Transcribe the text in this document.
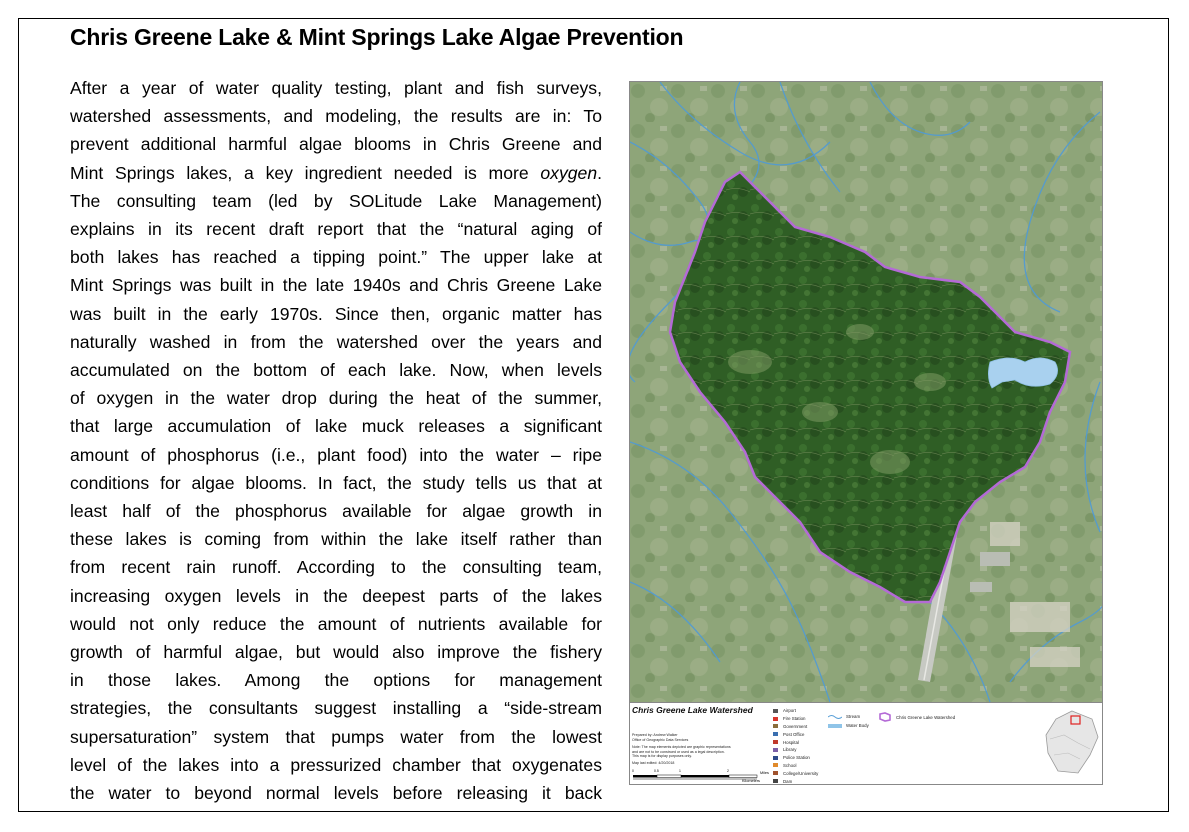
Chris Greene Lake & Mint Springs Lake Algae Prevention
After a year of water quality testing, plant and fish surveys,
watershed assessments, and modeling, the results are in: To
prevent additional harmful algae blooms in Chris Greene and
Mint Springs lakes, a key ingredient needed is more oxygen.
The consulting team (led by SOLitude Lake Management)
explains in its recent draft report that the “natural aging of
both lakes has reached a tipping point.” The upper lake at
Mint Springs was built in the late 1940s and Chris Greene Lake
was built in the early 1970s. Since then, organic matter has
naturally washed in from the watershed over the years and
accumulated on the bottom of each lake. Now, when levels
of oxygen in the water drop during the heat of the summer,
that large accumulation of lake muck releases a significant
amount of phosphorus (i.e., plant food) into the water – ripe
conditions for algae blooms. In fact, the study tells us that at
least half of the phosphorus available for algae growth in
these lakes is coming from within the lake itself rather than
from recent rain runoff. According to the consulting team,
increasing oxygen levels in the deepest parts of the lakes
would not only reduce the amount of nutrients available for
growth of harmful algae, but would also improve the fishery
in those lakes. Among the options for management
strategies, the consultants suggest installing a “side-stream
supersaturation” system that pumps water from the lowest
level of the lakes into a pressurized chamber that oxygenates
the water to beyond normal levels before releasing it back
Chris Greene Lake Watershed
Prepared by: Andrew Walker
Office of Geographic Data Services
Note: The map elements depicted are graphic representations
and are not to be construed or used as a legal description.
This map is for display purposes only.
Map last edited: 4/20/2018
Miles
Kilometers
0	0.5	1	2
Airport
Fire Station
Government
Post Office
Hospital
Library
Police Station
School
College/University
Dam
Stream
Water Body
Chris Greene Lake Watershed
